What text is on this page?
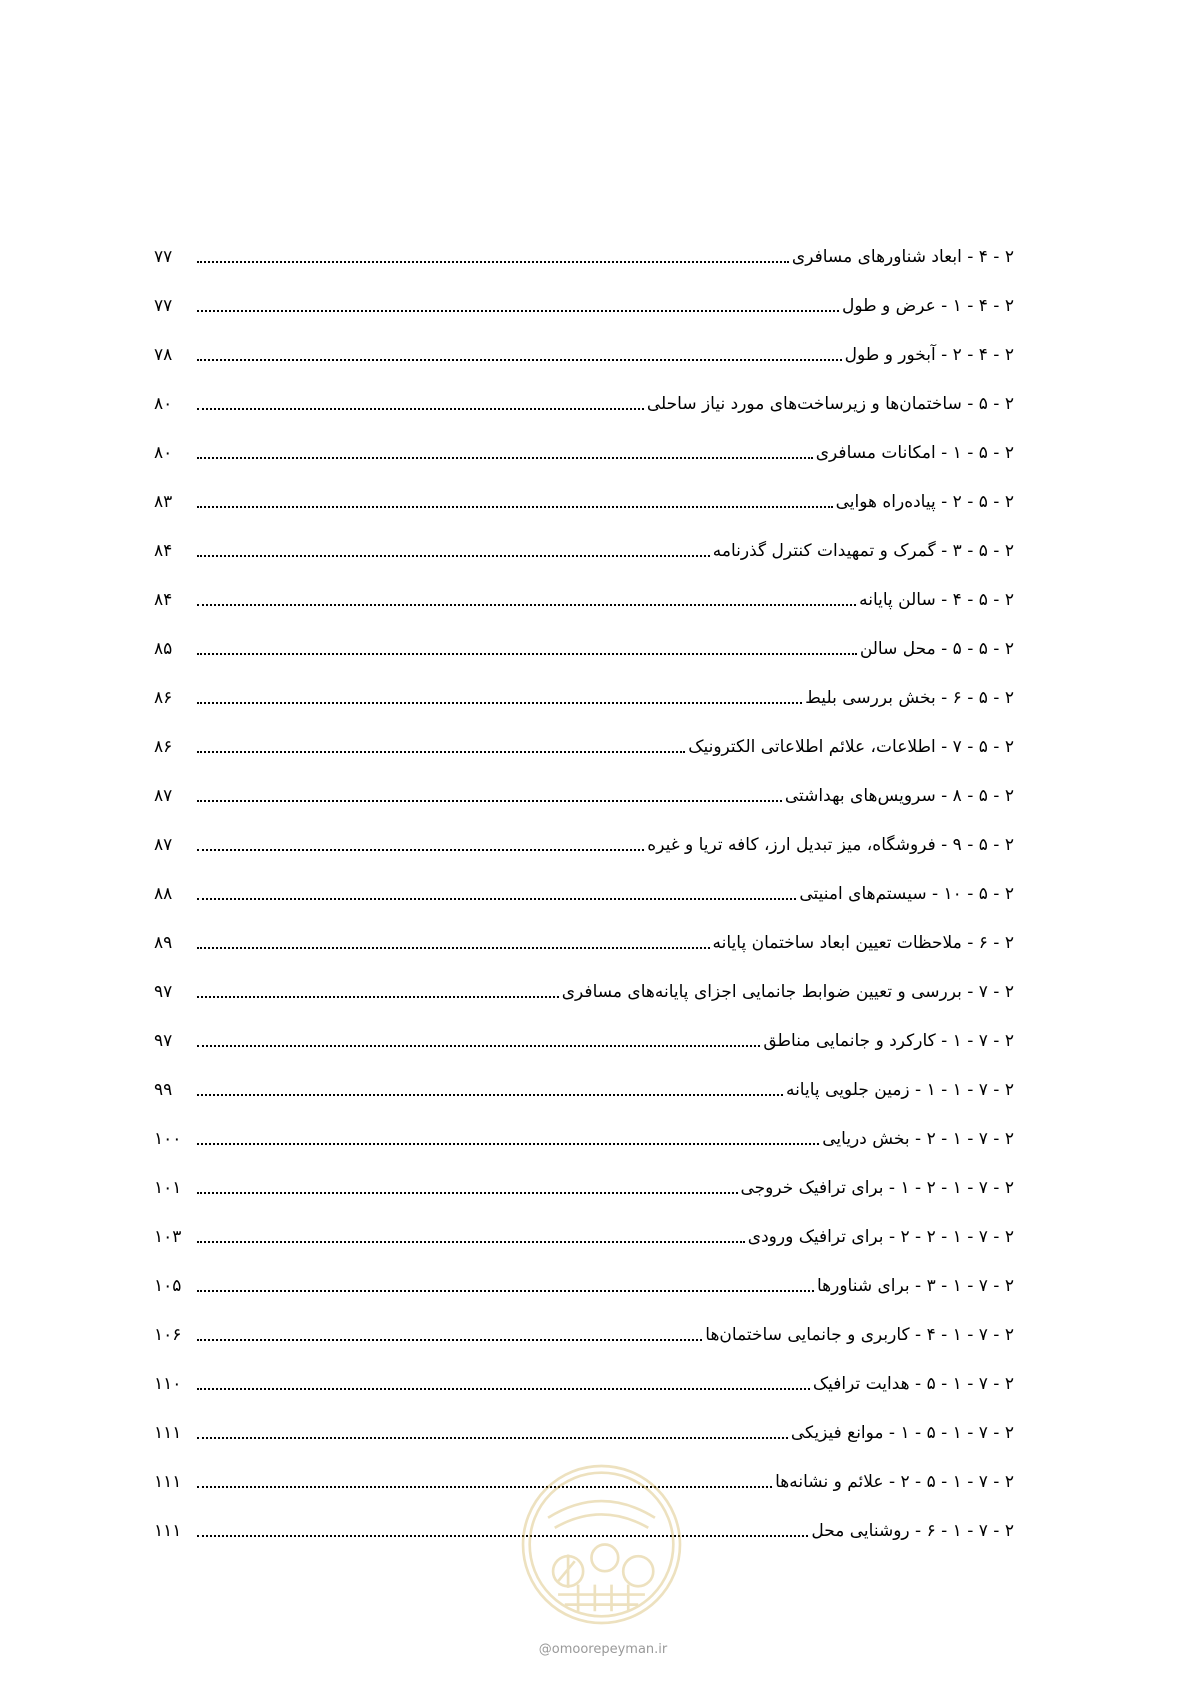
۲ - ۴ - ابعاد شناورهای مسافری
۷۷
۲ - ۴ - ۱ - عرض و طول
۷۷
۲ - ۴ - ۲ - آبخور و طول
۷۸
۲ - ۵ - ساختمان‌ها و زیرساخت‌های مورد نیاز ساحلی
۸۰
۲ - ۵ - ۱ - امکانات مسافری
۸۰
۲ - ۵ - ۲ - پیاده‌راه هوایی
۸۳
۲ - ۵ - ۳ - گمرک و تمهیدات کنترل گذرنامه
۸۴
۲ - ۵ - ۴ - سالن پایانه
۸۴
۲ - ۵ - ۵ - محل سالن
۸۵
۲ - ۵ - ۶ - بخش بررسی بلیط
۸۶
۲ - ۵ - ۷ - اطلاعات، علائم اطلاعاتی الکترونیک
۸۶
۲ - ۵ - ۸ - سرویس‌های بهداشتی
۸۷
۲ - ۵ - ۹ - فروشگاه، میز تبدیل ارز، کافه تریا و غیره
۸۷
۲ - ۵ - ۱۰ - سیستم‌های امنیتی
۸۸
۲ - ۶ - ملاحظات تعیین ابعاد ساختمان پایانه
۸۹
۲ - ۷ - بررسی و تعیین ضوابط جانمایی اجزای پایانه‌های مسافری
۹۷
۲ - ۷ - ۱ - کارکرد و جانمایی مناطق
۹۷
۲ - ۷ - ۱ - ۱ - زمین جلویی پایانه
۹۹
۲ - ۷ - ۱ - ۲ - بخش دریایی
۱۰۰
۲ - ۷ - ۱ - ۲ - ۱ - برای ترافیک خروجی
۱۰۱
۲ - ۷ - ۱ - ۲ - ۲ - برای ترافیک ورودی
۱۰۳
۲ - ۷ - ۱ - ۳ - برای شناورها
۱۰۵
۲ - ۷ - ۱ - ۴ - کاربری و جانمایی ساختمان‌ها
۱۰۶
۲ - ۷ - ۱ - ۵ - هدایت ترافیک
۱۱۰
۲ - ۷ - ۱ - ۵ - ۱ - موانع فیزیکی
۱۱۱
۲ - ۷ - ۱ - ۵ - ۲ - علائم و نشانه‌ها
۱۱۱
۲ - ۷ - ۱ - ۶ - روشنایی محل
۱۱۱
@omoorepeyman.ir
